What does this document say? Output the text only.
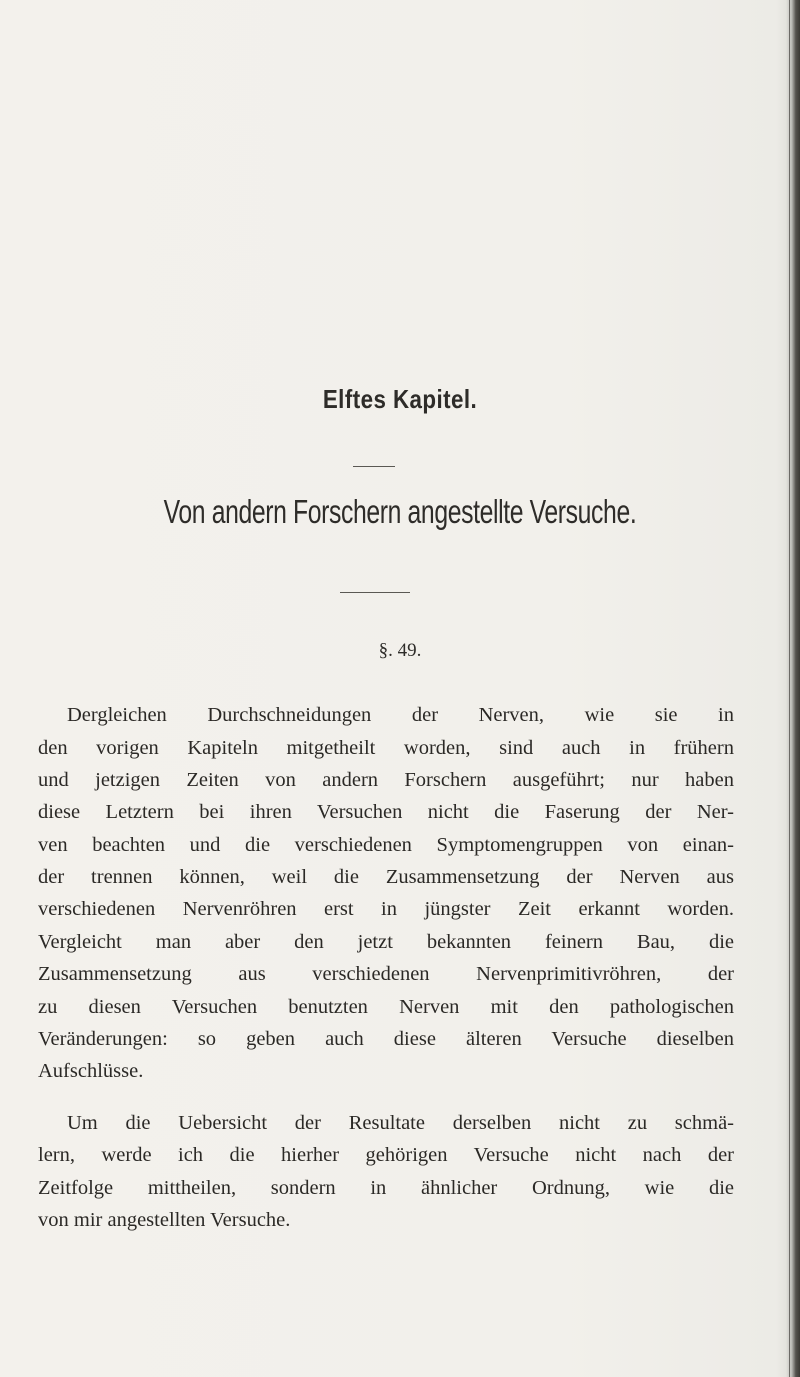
Elftes Kapitel.
Von andern Forschern angestellte Versuche.
§. 49.
Dergleichen Durchschneidungen der Nerven, wie sie in
den vorigen Kapiteln mitgetheilt worden, sind auch in frühern
und jetzigen Zeiten von andern Forschern ausgeführt; nur haben
diese Letztern bei ihren Versuchen nicht die Faserung der Ner-
ven beachten und die verschiedenen Symptomengruppen von einan-
der trennen können, weil die Zusammensetzung der Nerven aus
verschiedenen Nervenröhren erst in jüngster Zeit erkannt worden.
Vergleicht man aber den jetzt bekannten feinern Bau, die
Zusammensetzung aus verschiedenen Nervenprimitivröhren, der
zu diesen Versuchen benutzten Nerven mit den pathologischen
Veränderungen: so geben auch diese älteren Versuche dieselben
Aufschlüsse.
Um die Uebersicht der Resultate derselben nicht zu schmä-
lern, werde ich die hierher gehörigen Versuche nicht nach der
Zeitfolge mittheilen, sondern in ähnlicher Ordnung, wie die
von mir angestellten Versuche.
